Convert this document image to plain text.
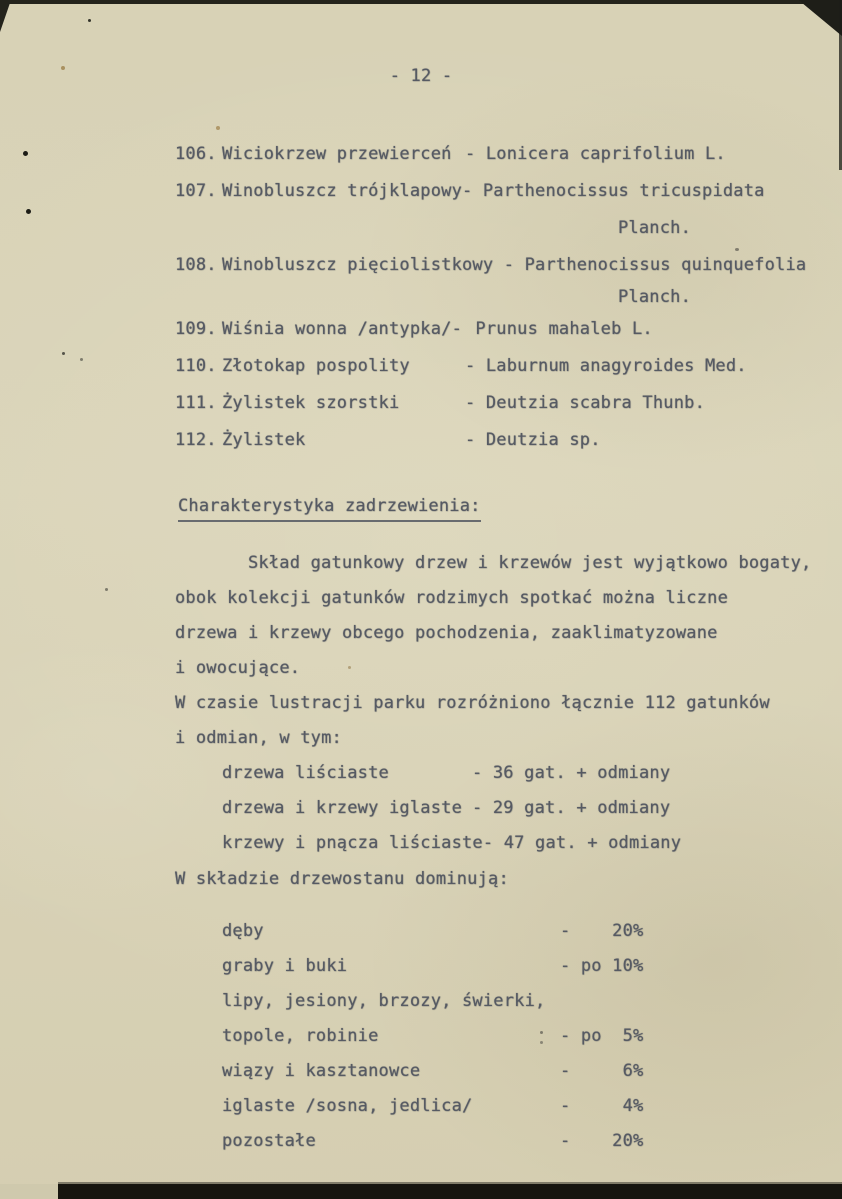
- 12 -
106. Wiciokrzew przewierceń - Lonicera caprifolium L.
107. Winobluszcz trójklapowy- Parthenocissus tricuspidata
Planch.
108. Winobluszcz pięciolistkowy - Parthenocissus quinquefolia
Planch.
109. Wiśnia wonna /antypka/- Prunus mahaleb L.
110. Złotokap pospolity	- Laburnum anagyroides Med.
111. Żylistek szorstki	- Deutzia scabra Thunb.
112. Żylistek	- Deutzia sp.
Charakterystyka zadrzewienia:
Skład gatunkowy drzew i krzewów jest wyjątkowo bogaty,
obok kolekcji gatunków rodzimych spotkać można liczne
drzewa i krzewy obcego pochodzenia, zaaklimatyzowane
i owocujące.
W czasie lustracji parku rozróżniono łącznie 112 gatunków
i odmian, w tym:
drzewa liściaste	- 36 gat. + odmiany
drzewa i krzewy iglaste - 29 gat. + odmiany
krzewy i pnącza liściaste - 47 gat. + odmiany
W składzie drzewostanu dominują:
dęby	-    20%
graby i buki	- po 10%
lipy, jesiony, brzozy, świerki,
topole, robinie	- po  5%
wiązy i kasztanowce	-     6%
iglaste /sosna, jedlica/	-     4%
pozostałe	-    20%
